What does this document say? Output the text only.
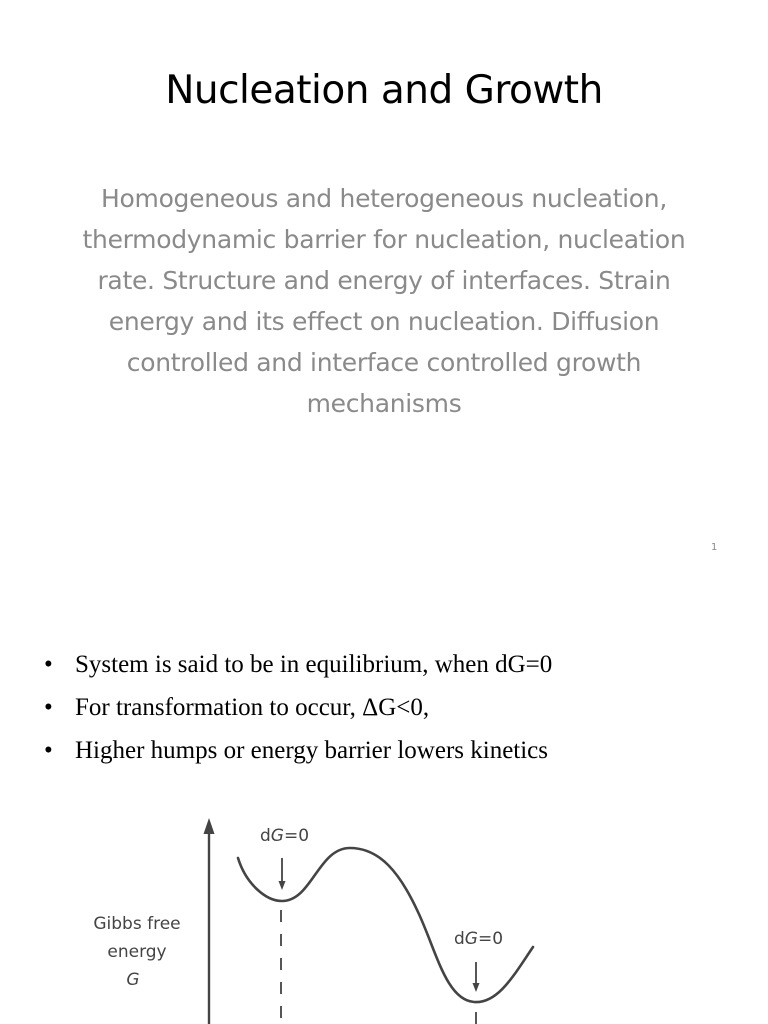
Nucleation and Growth

Homogeneous and heterogeneous nucleation,
thermodynamic barrier for nucleation, nucleation
rate. Structure and energy of interfaces. Strain
energy and its effect on nucleation. Diffusion
controlled and interface controlled growth
mechanisms

1
• System is said to be in equilibrium, when dG=0
• For transformation to occur, ΔG<0,
• Higher humps or energy barrier lowers kinetics
dG=0
dG=0
Gibbs free
energy
G
